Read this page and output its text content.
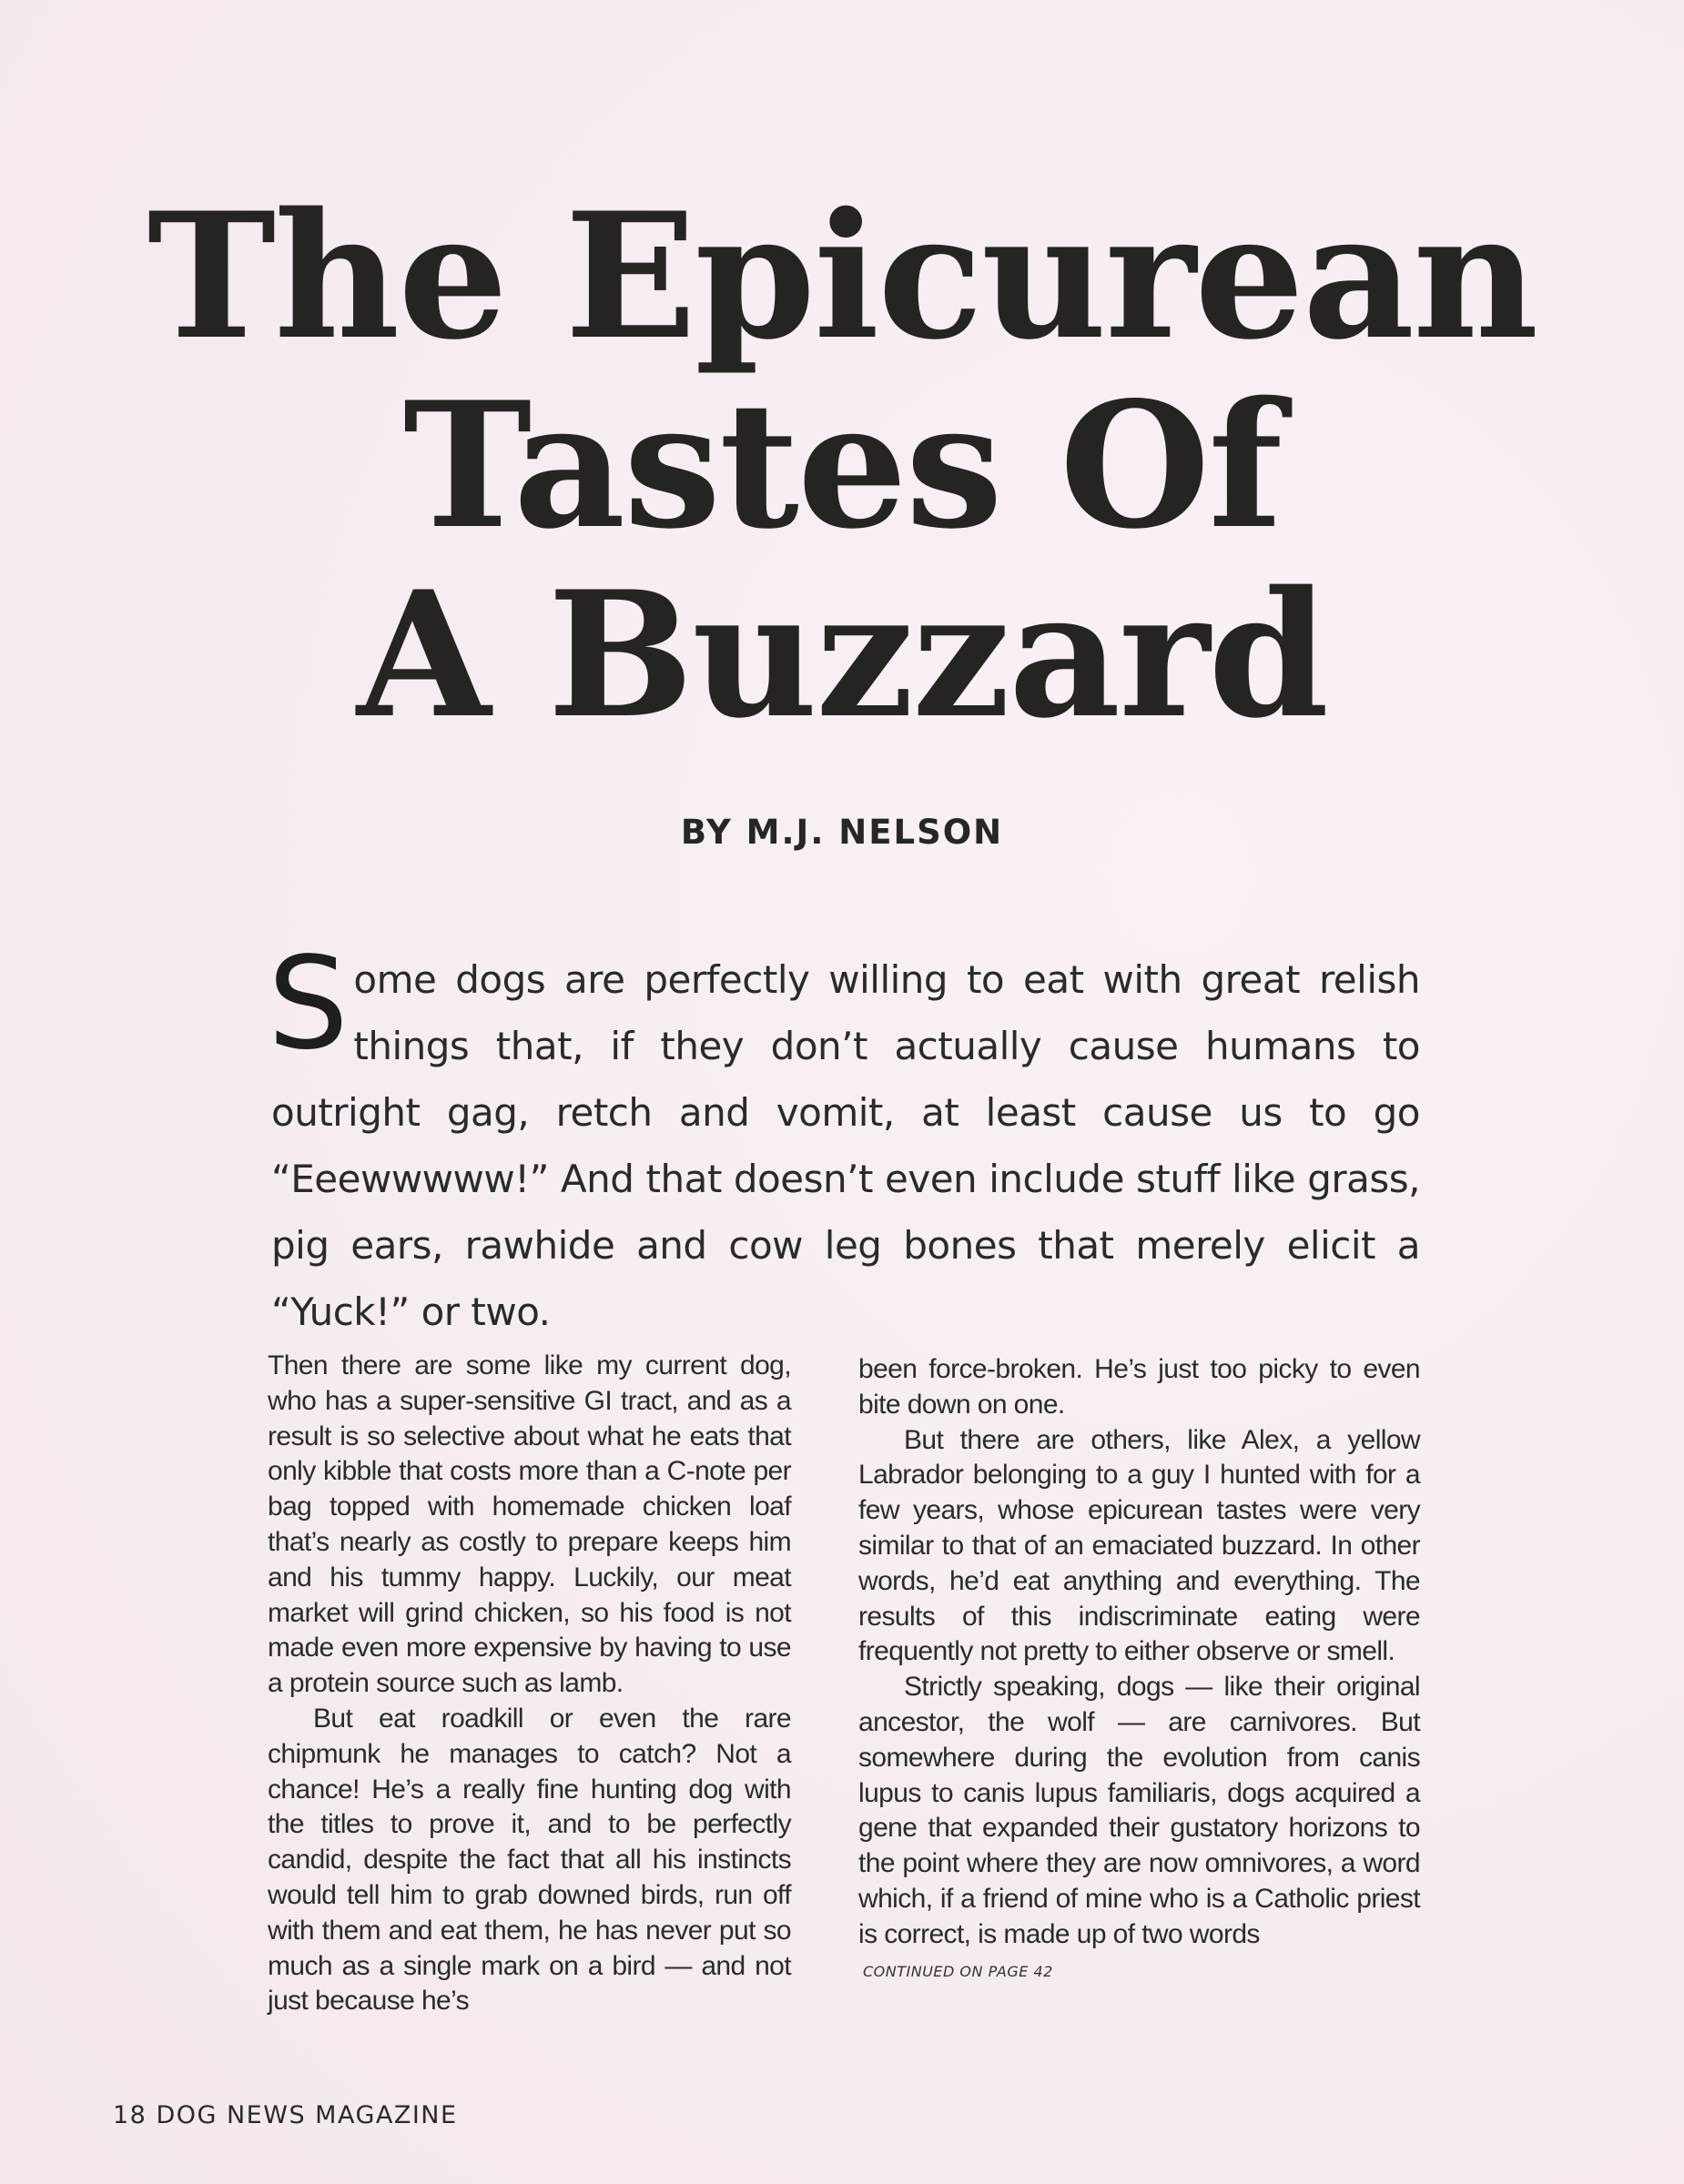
The Epicurean
Tastes Of
A Buzzard
BY M.J. NELSON

Some dogs are perfectly willing to eat with great relish things that, if they don’t actually cause humans to outright gag, retch and vomit, at least cause us to go “Eeewwwww!” And that doesn’t even include stuff like grass, pig ears, rawhide and cow leg bones that merely elicit a “Yuck!” or two.

Then there are some like my current dog, who has a super-sensitive GI tract, and as a result is so selective about what he eats that only kibble that costs more than a C-note per bag topped with homemade chicken loaf that’s nearly as costly to prepare keeps him and his tummy happy. Luckily, our meat market will grind chicken, so his food is not made even more expensive by having to use a protein source such as lamb.

But eat roadkill or even the rare chipmunk he manages to catch? Not a chance! He’s a really fine hunting dog with the titles to prove it, and to be perfectly candid, despite the fact that all his instincts would tell him to grab downed birds, run off with them and eat them, he has never put so much as a single mark on a bird — and not just because he’s

been force-broken. He’s just too picky to even bite down on one.

But there are others, like Alex, a yellow Labrador belonging to a guy I hunted with for a few years, whose epicurean tastes were very similar to that of an emaciated buzzard. In other words, he’d eat anything and everything. The results of this indiscriminate eating were frequently not pretty to either observe or smell.

Strictly speaking, dogs — like their original ancestor, the wolf — are carnivores. But somewhere during the evolution from canis lupus to canis lupus familiaris, dogs acquired a gene that expanded their gustatory horizons to the point where they are now omnivores, a word which, if a friend of mine who is a Catholic priest is correct, is made up of two words

CONTINUED ON PAGE 42
18 DOG NEWS MAGAZINE
